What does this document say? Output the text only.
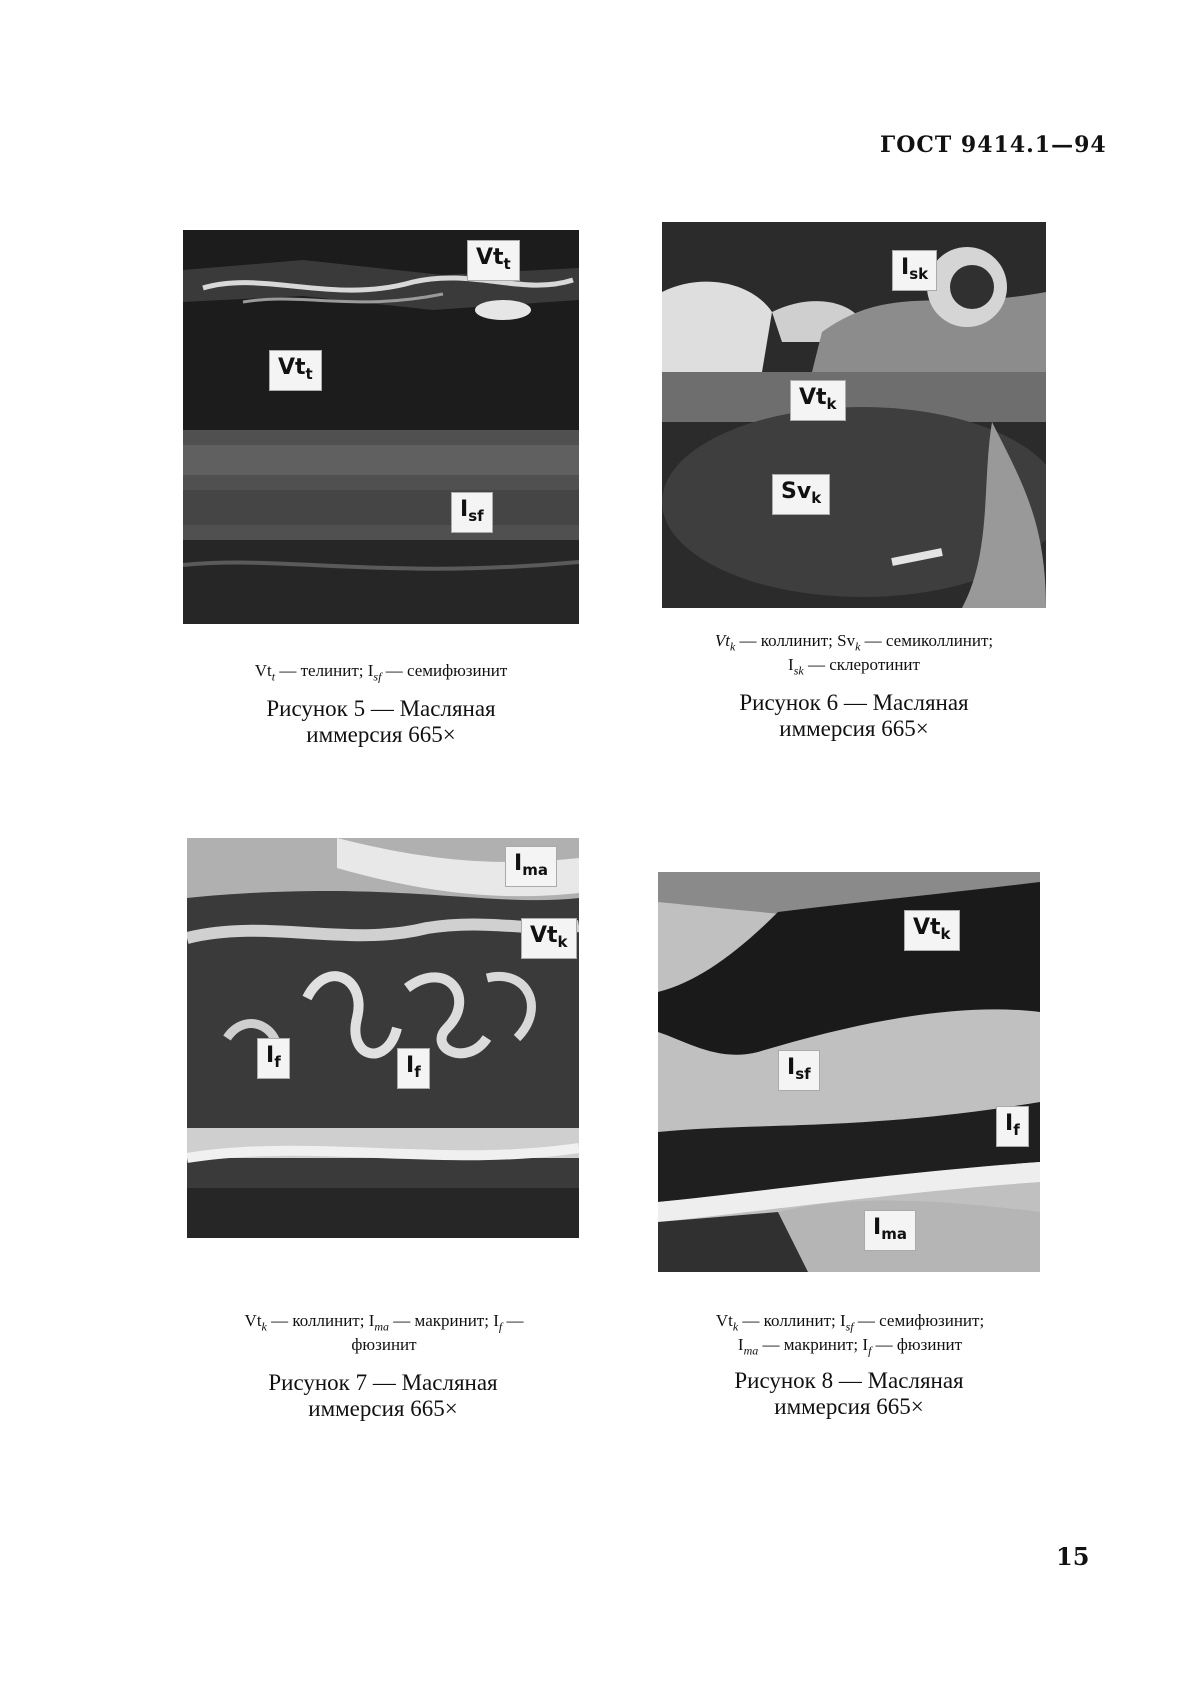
ГОСТ 9414.1—94
$Vt_t$
$Vt_t$
$I_{sf}$
$Vt_t$ — телинит; $I_{sf}$ — семифюзинит
Рисунок 5 — Масляная
иммерсия 665×
$I_{sk}$
$Vt_k$
$Sv_k$
$Vt_k$ — коллинит; $Sv_k$ — семиколлинит;
$I_{sk}$ — склеротинит
Рисунок 6 — Масляная
иммерсия 665×
$I_{ma}$
$Vt_k$
$I_f$	$I_f$
$Vt_k$ — коллинит; $I_{ma}$ — макринит; $I_f$ —
фюзинит
Рисунок 7 — Масляная
иммерсия 665×
$Vt_k$
$I_{sf}$
$I_f$
$I_{ma}$
$Vt_k$ — коллинит; $I_{sf}$ — семифюзинит;
$I_{ma}$ — макринит; $I_f$ — фюзинит
Рисунок 8 — Масляная
иммерсия 665×
15
